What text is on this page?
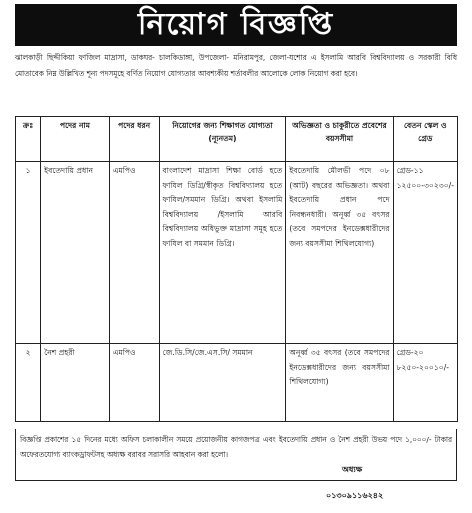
নিয়োগ বিজ্ঞপ্তি
ঝালকাড়ী ছিদ্দীকিয়া ফাজিল মাদ্রাসা, ডাকঘর- চালকিডাঙ্গা, উপজেলা- মনিরামপুর, জেলা-যশোর এ ইসলামি আরবি বিশ্ববিদ্যালয় ও সরকারী বিধি মোতাবেক নিম্ন উল্লিখিত শূন্য পদসমূহে বর্ণিত নিয়োগ যোগ্যতার আবশ্যকীয় শর্তাবলীর আলোকে লোক নিয়োগ করা হবে।
ক্রঃ	পদের নাম	পদের ধরন	নিয়োগের জন্য শিক্ষাগত যোগ্যতা (ন্যূনতম)	অভিজ্ঞতা ও চাকুরীতে প্রবেশের বয়সসীমা	বেতন স্কেল ও গ্রেড
১	ইবতেদায়ি প্রধান	এমপিও	বাংলাদেশ মাদ্রাসা শিক্ষা বোর্ড হতে ফাযিল ডিগ্রি/স্বীকৃত বিশ্ববিদ্যালয় হতে ফাযিল/সমমান ডিগ্রি। অথবা ইসলামি বিশ্ববিদ্যালয় /ইসলামি আরবি বিশ্ববিদ্যালয় অধিভুক্ত মাদ্রাসা সমূহ হতে ফাযিল বা সমমান ডিগ্রি।	ইবতেদায়ি মৌলভী পদে ০৮ (আট) বছরের অভিজ্ঞতা। অথবা ইবতেদায়ি প্রধান পদে নিবন্ধনধারী। অনূর্ধ্ব ৩৫ বৎসর (তবে সমপদের ইনডেক্সধারীদের জন্য বয়সসীমা শিথিলযোগ্য)	গ্রেড-১১ ১২৫০০-৩০২৩০/-
২	নৈশ প্রহরী	এমপিও	জে.ডি.সি/জে.এস.সি/ সমমান	অনূর্ধ্ব ৩৫ বৎসর (তবে সমপদের ইনডেক্সধারীদের জন্য বয়সসীমা শিথিলযোগ্য)	গ্রেড-২০ ৮২৫০-২০০১০/-
বিজ্ঞপ্তি প্রকাশের ১৫ দিনের মধ্যে অফিস চলাকালীন সময়ে প্রয়োজনীয় কাগজপত্র এবং ইবতেদায়ি প্রধান ও নৈশ প্রহরী উভয় পদে ১,০০০/- টাকার অফেরতযোগ্য ব্যাংকড্রাফটসহ অধ্যক্ষ বরাবর সরাসরি আহবান করা হলো।
অধ্যক্ষ
০১৩০৯১১৬২৪২
